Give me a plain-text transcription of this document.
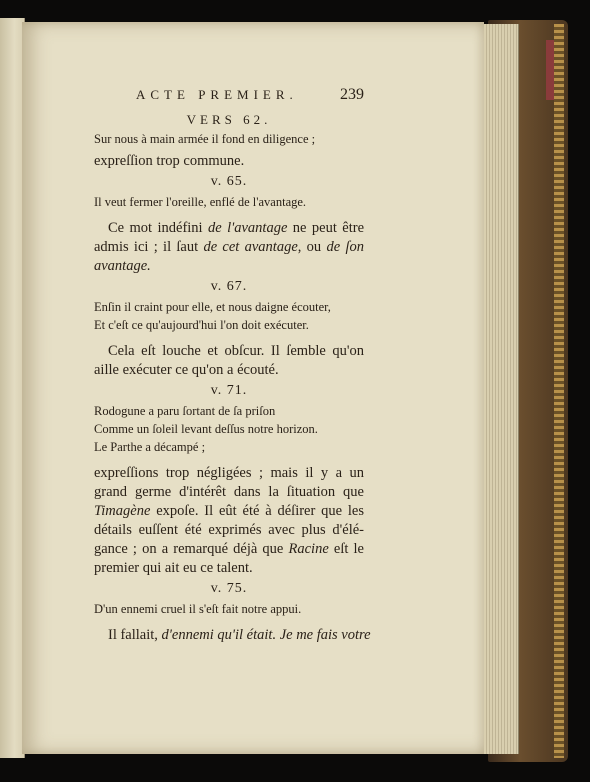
ACTE PREMIER.	239
VERS 62.
Sur nous à main armée il fond en diligence ;
expreſſion trop commune.
v. 65.
Il veut fermer l'oreille, enflé de l'avantage.
Ce mot indéfini de l'avantage ne peut être
admis ici ; il ſaut de cet avantage, ou de ſon
avantage.
v. 67.
Enſin il craint pour elle, et nous daigne écouter,
Et c'eſt ce qu'aujourd'hui l'on doit exécuter.
Cela eſt louche et obſcur. Il ſemble qu'on
aille exécuter ce qu'on a écouté.
v. 71.
Rodogune a paru ſortant de ſa priſon
Comme un ſoleil levant deſſus notre horizon.
Le Parthe a décampé ;
expreſſions trop négligées ; mais il y a un
grand germe d'intérêt dans la ſituation que
Timagène expoſe. Il eût été à déſirer que les
détails euſſent été exprimés avec plus d'élé-
gance ; on a remarqué déjà que Racine eſt le
premier qui ait eu ce talent.
v. 75.
D'un ennemi cruel il s'eſt fait notre appui.
Il fallait, d'ennemi qu'il était. Je me fais votre
